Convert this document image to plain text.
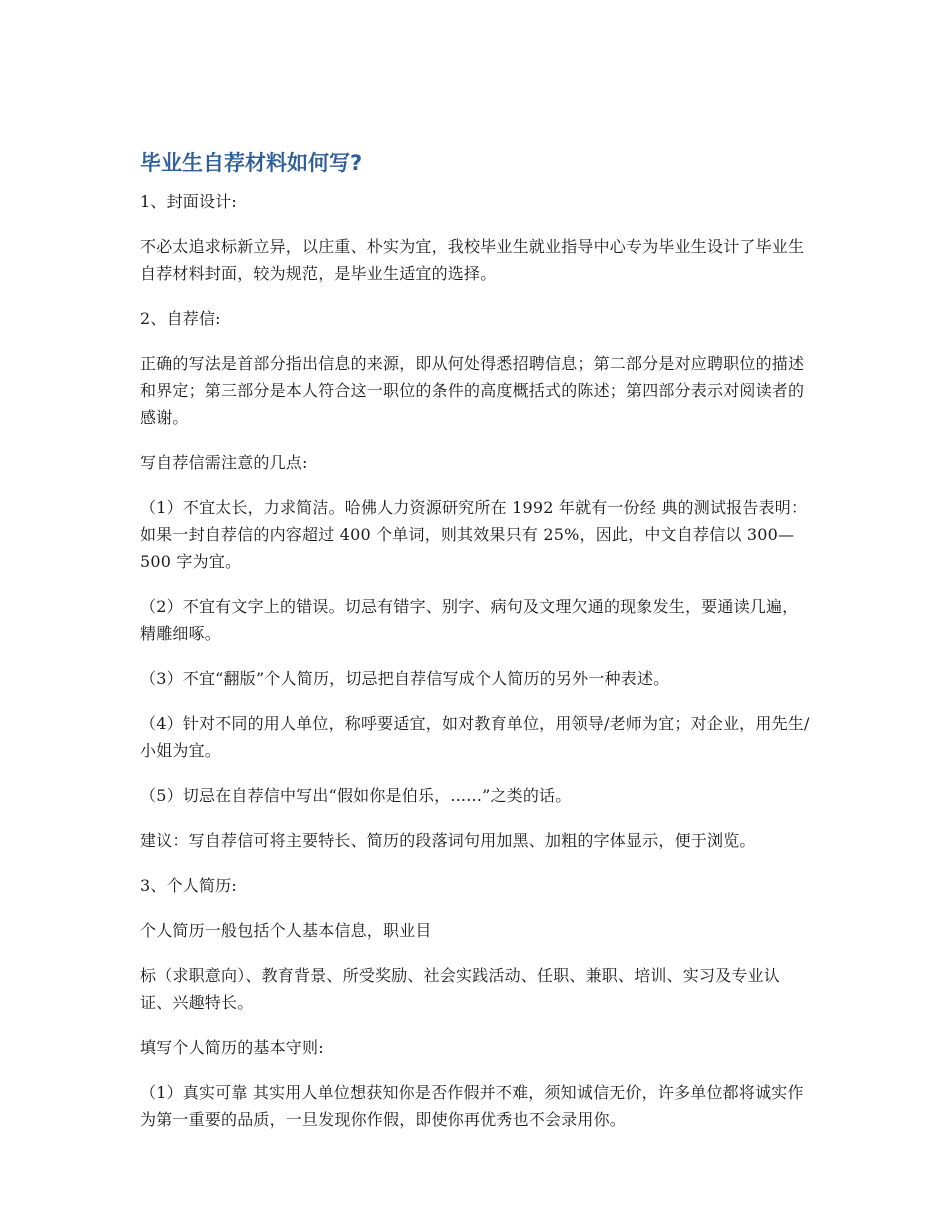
毕业生自荐材料如何写?

1、封面设计:

不必太追求标新立异，以庄重、朴实为宜，我校毕业生就业指导中心专为毕业生设计了毕业生自荐材料封面，较为规范，是毕业生适宜的选择。

2、自荐信:

正确的写法是首部分指出信息的来源，即从何处得悉招聘信息；第二部分是对应聘职位的描述和界定；第三部分是本人符合这一职位的条件的高度概括式的陈述；第四部分表示对阅读者的感谢。

写自荐信需注意的几点:

（1）不宜太长，力求简洁。哈佛人力资源研究所在 1992 年就有一份经 典的测试报告表明：如果一封自荐信的内容超过 400 个单词，则其效果只有 25%，因此，中文自荐信以 300—500 字为宜。

（2）不宜有文字上的错误。切忌有错字、别字、病句及文理欠通的现象发生，要通读几遍，精雕细啄。

（3）不宜“翻版”个人简历，切忌把自荐信写成个人简历的另外一种表述。

（4）针对不同的用人单位，称呼要适宜，如对教育单位，用领导/老师为宜；对企业，用先生/小姐为宜。

（5）切忌在自荐信中写出“假如你是伯乐，......”之类的话。

建议：写自荐信可将主要特长、简历的段落词句用加黑、加粗的字体显示，便于浏览。

3、个人简历:

个人简历一般包括个人基本信息，职业目

标（求职意向）、教育背景、所受奖励、社会实践活动、任职、兼职、培训、实习及专业认证、兴趣特长。

填写个人简历的基本守则:

（1）真实可靠 其实用人单位想获知你是否作假并不难，须知诚信无价，许多单位都将诚实作为第一重要的品质，一旦发现你作假，即使你再优秀也不会录用你。
